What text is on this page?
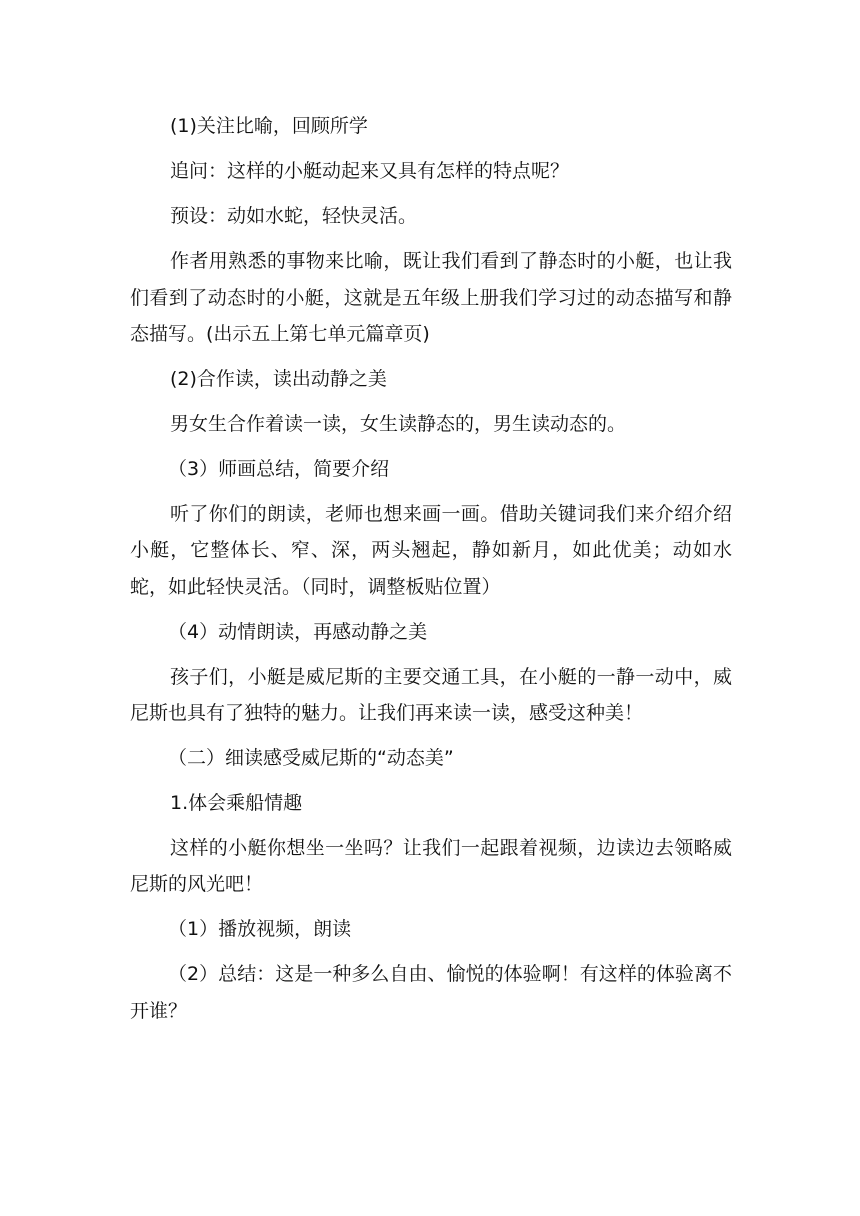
(1)关注比喻，回顾所学

追问：这样的小艇动起来又具有怎样的特点呢？

预设：动如水蛇，轻快灵活。

作者用熟悉的事物来比喻，既让我们看到了静态时的小艇，也让我们看到了动态时的小艇，这就是五年级上册我们学习过的动态描写和静态描写。(出示五上第七单元篇章页)

(2)合作读，读出动静之美

男女生合作着读一读，女生读静态的，男生读动态的。

（3）师画总结，简要介绍

听了你们的朗读，老师也想来画一画。借助关键词我们来介绍介绍小艇，它整体长、窄、深，两头翘起，静如新月，如此优美；动如水蛇，如此轻快灵活。（同时，调整板贴位置）

（4）动情朗读，再感动静之美

孩子们，小艇是威尼斯的主要交通工具，在小艇的一静一动中，威尼斯也具有了独特的魅力。让我们再来读一读，感受这种美！

（二）细读感受威尼斯的“动态美”

1.体会乘船情趣

这样的小艇你想坐一坐吗？让我们一起跟着视频，边读边去领略威尼斯的风光吧！

（1）播放视频，朗读

（2）总结：这是一种多么自由、愉悦的体验啊！有这样的体验离不开谁？
